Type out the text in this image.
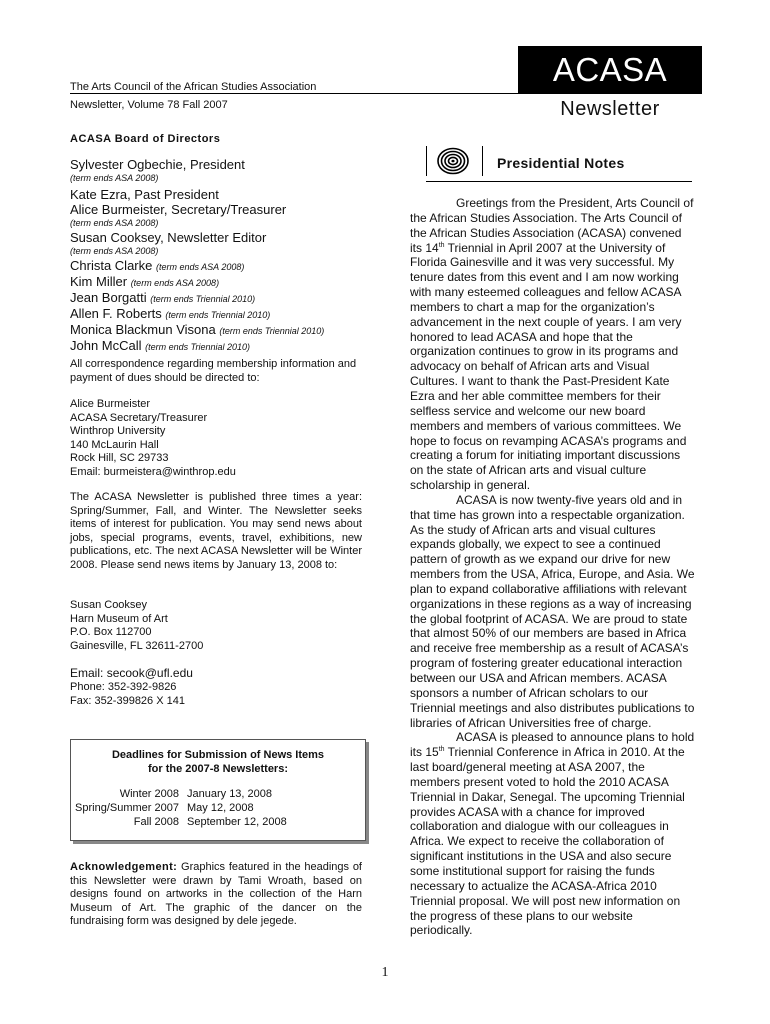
The Arts Council of the African Studies Association
Newsletter, Volume 78 Fall 2007
ACASA
Newsletter
ACASA Board of Directors
Sylvester Ogbechie, President
(term ends ASA 2008)
Kate Ezra, Past President
Alice Burmeister, Secretary/Treasurer
(term ends ASA 2008)
Susan Cooksey, Newsletter Editor
(term ends ASA 2008)
Christa Clarke (term ends ASA 2008)
Kim Miller (term ends ASA 2008)
Jean Borgatti (term ends Triennial 2010)
Allen F. Roberts (term ends Triennial 2010)
Monica Blackmun Visona (term ends Triennial 2010)
John McCall (term ends Triennial 2010)
All correspondence regarding membership information and payment of dues should be directed to:

Alice Burmeister

ACASA Secretary/Treasurer

Winthrop University

140 McLaurin Hall

Rock Hill, SC 29733

Email: burmeistera@winthrop.edu

The ACASA Newsletter is published three times a year: Spring/Summer, Fall, and Winter. The Newsletter seeks items of interest for publication. You may send news about jobs, special programs, events, travel, exhibitions, new publications, etc. The next ACASA Newsletter will be Winter 2008. Please send news items by January 13, 2008 to:

Susan Cooksey

Harn Museum of Art

P.O. Box 112700

Gainesville, FL 32611-2700

Email: secook@ufl.edu

Phone: 352-392-9826

Fax: 352-399826 X 141

Deadlines for Submission of News Items
for the 2007-8 Newsletters:
Winter 2008	January 13, 2008
Spring/Summer 2007	May 12, 2008
Fall 2008	September 12, 2008
Acknowledgement: Graphics featured in the headings of this Newsletter were drawn by Tami Wroath, based on designs found on artworks in the collection of the Harn Museum of Art. The graphic of the dancer on the fundraising form was designed by dele jegede.
Presidential Notes

Greetings from the President, Arts Council of the African Studies Association. The Arts Council of the African Studies Association (ACASA) convened its 14th Triennial in April 2007 at the University of Florida Gainesville and it was very successful. My tenure dates from this event and I am now working with many esteemed colleagues and fellow ACASA members to chart a map for the organization’s advancement in the next couple of years. I am very honored to lead ACASA and hope that the organization continues to grow in its programs and advocacy on behalf of African arts and Visual Cultures. I want to thank the Past-President Kate Ezra and her able committee members for their selfless service and welcome our new board members and members of various committees. We hope to focus on revamping ACASA’s programs and creating a forum for initiating important discussions on the state of African arts and visual culture scholarship in general.

ACASA is now twenty-five years old and in that time has grown into a respectable organization. As the study of African arts and visual cultures expands globally, we expect to see a continued pattern of growth as we expand our drive for new members from the USA, Africa, Europe, and Asia. We plan to expand collaborative affiliations with relevant organizations in these regions as a way of increasing the global footprint of ACASA. We are proud to state that almost 50% of our members are based in Africa and receive free membership as a result of ACASA’s program of fostering greater educational interaction between our USA and African members. ACASA sponsors a number of African scholars to our Triennial meetings and also distributes publications to libraries of African Universities free of charge.

ACASA is pleased to announce plans to hold its 15th Triennial Conference in Africa in 2010. At the last board/general meeting at ASA 2007, the members present voted to hold the 2010 ACASA Triennial in Dakar, Senegal. The upcoming Triennial provides ACASA with a chance for improved collaboration and dialogue with our colleagues in Africa. We expect to receive the collaboration of significant institutions in the USA and also secure some institutional support for raising the funds necessary to actualize the ACASA-Africa 2010 Triennial proposal. We will post new information on the progress of these plans to our website periodically.

1
